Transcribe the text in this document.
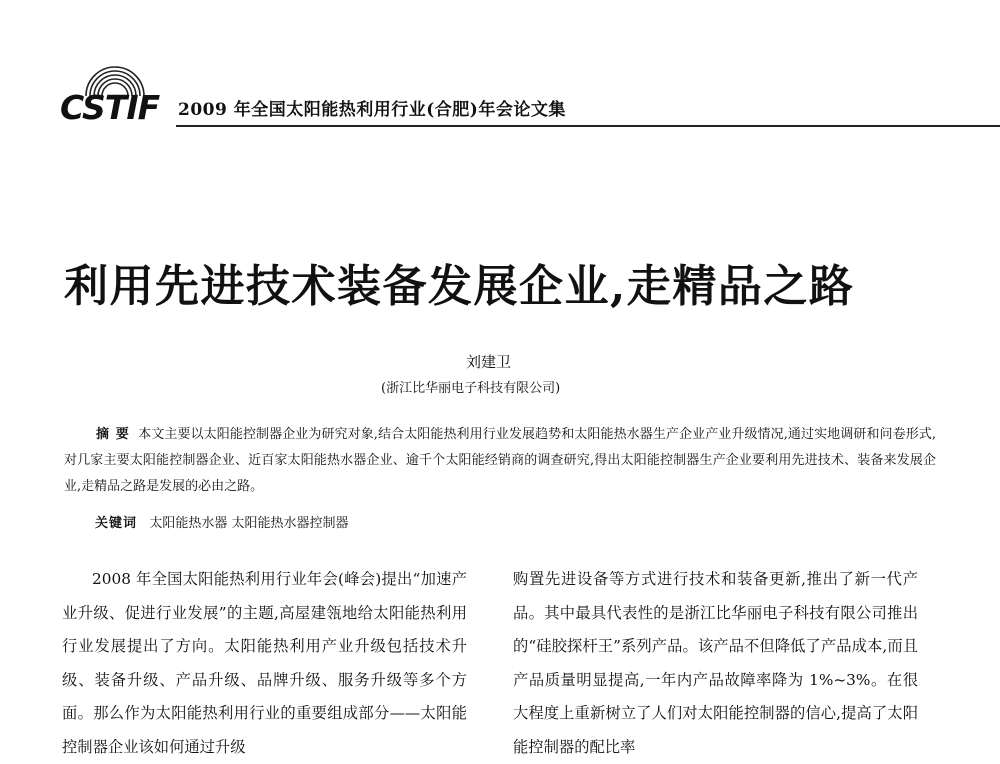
CSTIF 2009 年全国太阳能热利用行业(合肥)年会论文集
利用先进技术装备发展企业,走精品之路
刘建卫
(浙江比华丽电子科技有限公司)

摘 要 本文主要以太阳能控制器企业为研究对象,结合太阳能热利用行业发展趋势和太阳能热水器生产企业产业升级情况,通过实地调研和问卷形式,对几家主要太阳能控制器企业、近百家太阳能热水器企业、逾千个太阳能经销商的调查研究,得出太阳能控制器生产企业要利用先进技术、装备来发展企业,走精品之路是发展的必由之路。

关键词 太阳能热水器 太阳能热水器控制器

2008 年全国太阳能热利用行业年会(峰会)提出“加速产业升级、促进行业发展”的主题,高屋建瓴地给太阳能热利用行业发展提出了方向。太阳能热利用产业升级包括技术升级、装备升级、产品升级、品牌升级、服务升级等多个方面。那么作为太阳能热利用行业的重要组成部分——太阳能控制器企业该如何通过升级

购置先进设备等方式进行技术和装备更新,推出了新一代产品。其中最具代表性的是浙江比华丽电子科技有限公司推出的“硅胶探杆王”系列产品。该产品不但降低了产品成本,而且产品质量明显提高,一年内产品故障率降为 1%~3%。在很大程度上重新树立了人们对太阳能控制器的信心,提高了太阳能控制器的配比率
